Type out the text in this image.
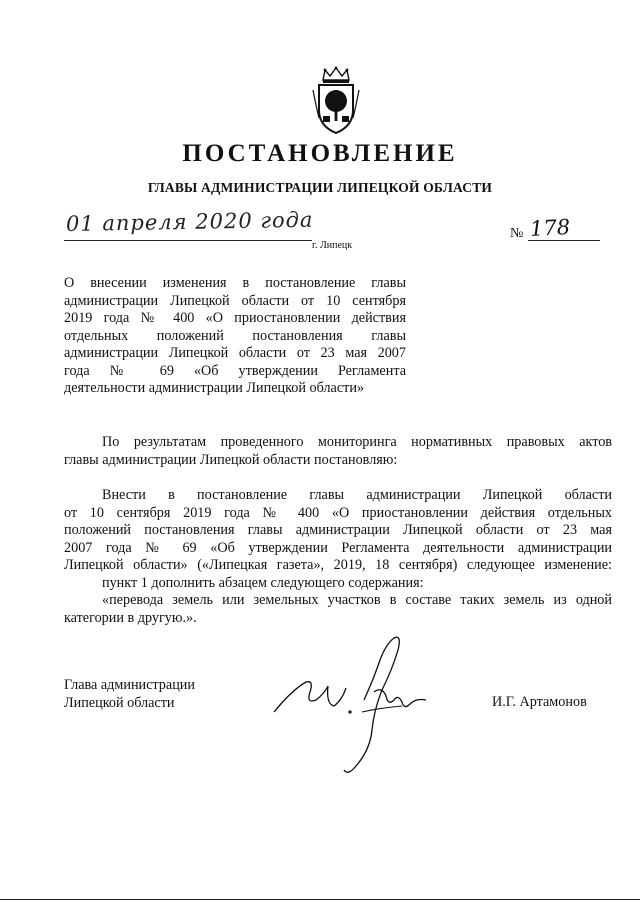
ПОСТАНОВЛЕНИЕ
ГЛАВЫ АДМИНИСТРАЦИИ ЛИПЕЦКОЙ ОБЛАСТИ
01 апреля 2020 года
г. Липецк
№ 178
О внесении изменения в постановление главы
администрации Липецкой области от 10 сентября
2019 года № 400 «О приостановлении действия
отдельных положений постановления главы
администрации Липецкой области от 23 мая 2007
года № 69 «Об утверждении Регламента
деятельности администрации Липецкой области»
По результатам проведенного мониторинга нормативных правовых актов
главы администрации Липецкой области постановляю:
Внести в постановление главы администрации Липецкой области
от 10 сентября 2019 года № 400 «О приостановлении действия отдельных
положений постановления главы администрации Липецкой области от 23 мая
2007 года № 69 «Об утверждении Регламента деятельности администрации
Липецкой области» («Липецкая газета», 2019, 18 сентября) следующее изменение:
пункт 1 дополнить абзацем следующего содержания:
«перевода земель или земельных участков в составе таких земель из одной
категории в другую.».
Глава администрации
Липецкой области	И.Г. Артамонов
